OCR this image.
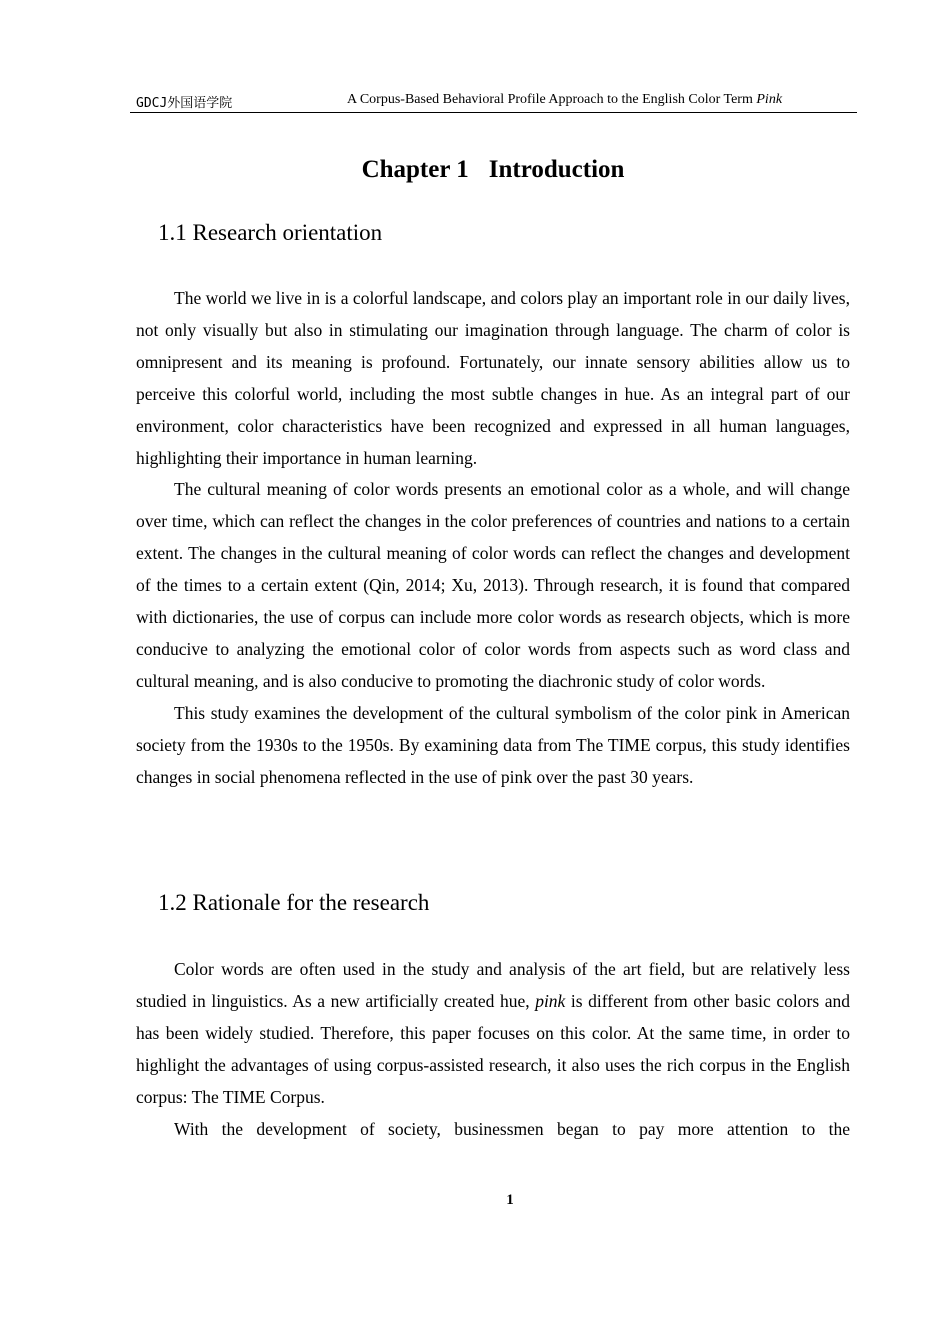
GDCJ外国语学院	A Corpus-Based Behavioral Profile Approach to the English Color Term Pink
Chapter 1 Introduction
1.1 Research orientation

The world we live in is a colorful landscape, and colors play an important role in our daily lives, not only visually but also in stimulating our imagination through language. The charm of color is omnipresent and its meaning is profound. Fortunately, our innate sensory abilities allow us to perceive this colorful world, including the most subtle changes in hue. As an integral part of our environment, color characteristics have been recognized and expressed in all human languages, highlighting their importance in human learning.

The cultural meaning of color words presents an emotional color as a whole, and will change over time, which can reflect the changes in the color preferences of countries and nations to a certain extent. The changes in the cultural meaning of color words can reflect the changes and development of the times to a certain extent (Qin, 2014; Xu, 2013). Through research, it is found that compared with dictionaries, the use of corpus can include more color words as research objects, which is more conducive to analyzing the emotional color of color words from aspects such as word class and cultural meaning, and is also conducive to promoting the diachronic study of color words.

This study examines the development of the cultural symbolism of the color pink in American society from the 1930s to the 1950s. By examining data from The TIME corpus, this study identifies changes in social phenomena reflected in the use of pink over the past 30 years.

1.2 Rationale for the research

Color words are often used in the study and analysis of the art field, but are relatively less studied in linguistics. As a new artificially created hue, pink is different from other basic colors and has been widely studied. Therefore, this paper focuses on this color. At the same time, in order to highlight the advantages of using corpus-assisted research, it also uses the rich corpus in the English corpus: The TIME Corpus.

With the development of society, businessmen began to pay more attention to the

1
